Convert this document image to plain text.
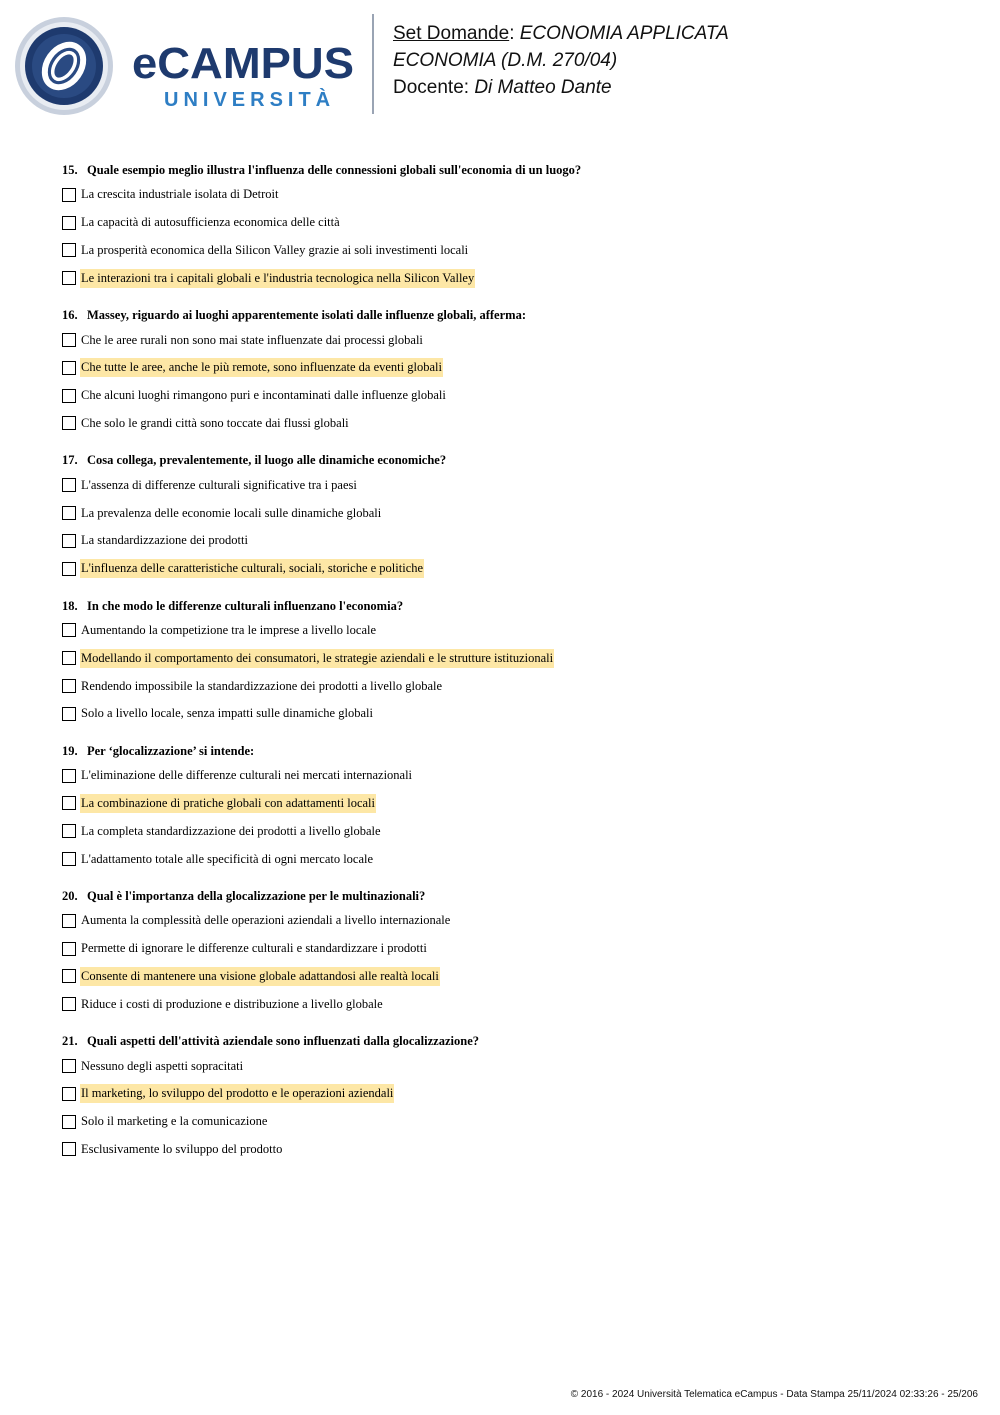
eCAMPUS
UNIVERSITÀ
Set Domande: ECONOMIA APPLICATA
ECONOMIA (D.M. 270/04)
Docente: Di Matteo Dante
15. Quale esempio meglio illustra l'influenza delle connessioni globali sull'economia di un luogo?
La crescita industriale isolata di Detroit
La capacità di autosufficienza economica delle città
La prosperità economica della Silicon Valley grazie ai soli investimenti locali
Le interazioni tra i capitali globali e l'industria tecnologica nella Silicon Valley
16. Massey, riguardo ai luoghi apparentemente isolati dalle influenze globali, afferma:
Che le aree rurali non sono mai state influenzate dai processi globali
Che tutte le aree, anche le più remote, sono influenzate da eventi globali
Che alcuni luoghi rimangono puri e incontaminati dalle influenze globali
Che solo le grandi città sono toccate dai flussi globali
17. Cosa collega, prevalentemente, il luogo alle dinamiche economiche?
L'assenza di differenze culturali significative tra i paesi
La prevalenza delle economie locali sulle dinamiche globali
La standardizzazione dei prodotti
L'influenza delle caratteristiche culturali, sociali, storiche e politiche
18. In che modo le differenze culturali influenzano l'economia?
Aumentando la competizione tra le imprese a livello locale
Modellando il comportamento dei consumatori, le strategie aziendali e le strutture istituzionali
Rendendo impossibile la standardizzazione dei prodotti a livello globale
Solo a livello locale, senza impatti sulle dinamiche globali
19. Per ‘glocalizzazione’ si intende:
L'eliminazione delle differenze culturali nei mercati internazionali
La combinazione di pratiche globali con adattamenti locali
La completa standardizzazione dei prodotti a livello globale
L'adattamento totale alle specificità di ogni mercato locale
20. Qual è l'importanza della glocalizzazione per le multinazionali?
Aumenta la complessità delle operazioni aziendali a livello internazionale
Permette di ignorare le differenze culturali e standardizzare i prodotti
Consente di mantenere una visione globale adattandosi alle realtà locali
Riduce i costi di produzione e distribuzione a livello globale
21. Quali aspetti dell'attività aziendale sono influenzati dalla glocalizzazione?
Nessuno degli aspetti sopracitati
Il marketing, lo sviluppo del prodotto e le operazioni aziendali
Solo il marketing e la comunicazione
Esclusivamente lo sviluppo del prodotto
© 2016 - 2024 Università Telematica eCampus - Data Stampa 25/11/2024 02:33:26 - 25/206
